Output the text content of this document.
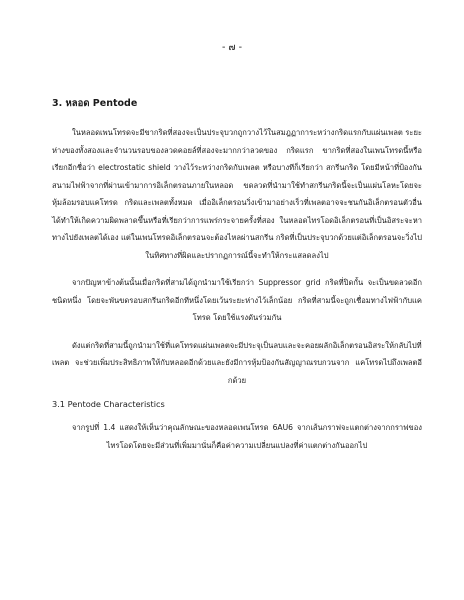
- ๗ -
3. หลอด Pentode

ในหลอดเพนโทรดจะมีขากริดที่สองจะเป็นประจุบวกถูกวางไว้ในสมฎฏาการะหว่างกริดแรกกับแผ่นเพลต ระยะห่างของทั้งสองและจำนวนรอบของลวดคอยล์ที่สองจะมากกว่าลวดของ กริดแรก ขากริดที่สองในเพนโทรดนี้หรือเรียกอีกชื่อว่า electrostatic shield วางไว้ระหว่างกริดกับเพลต หรือบางทีก็เรียกว่า สกรีนกริด โดยมีหน้าที่ป้องกันสนามไฟฟ้าจากที่ผ่านเข้ามาการอิเล็กตรอนภายในหลอด ขดลวดที่นำมาใช้ทำสกรีนกริดนี้จะเป็นแผ่นโลหะโดยจะหุ้มล้อมรอบแคโทรด กริดและเพลตทั้งหมด เมื่ออิเล็กตรอนวิ่งเข้ามาอย่างเร็วที่เพลตอาจจะชนกันอิเล็กตรอนตัวอื่นได้ทำให้เกิดความผิดพลาดขึ้นหรือที่เรียกว่าการแพร่กระจายครั้งที่สอง ในหลอดไทรโอดอิเล็กตรอนที่เป็นอิสระจะหาทางไปยังเพลตได้เอง แต่ในเพนโทรดอิเล็กตรอนจะต้องไหลผ่านสกรีน กริดที่เป็นประจุบวกด้วยแต่อิเล็กตรอนจะวิ่งไปในทิศทางที่ผิดและปรากฏการณ์นี้จะทำให้กระแสลดลงไป

จากปัญหาข้างต้นนั้นเมื่อกริดที่สามได้ถูกนำมาใช้เรียกว่า Suppressor grid กริดที่ปิดกั้น จะเป็นขดลวดอีกชนิดหนึ่ง โดยจะพันขดรอบสกรีนกริดอีกทีหนึ่งโดยเว้นระยะห่างไว้เล็กน้อย กริดที่สามนี้จะถูกเชื่อมทางไฟฟ้ากับแคโทรด โดยใช้แรงดันร่วมกัน

ดังแต่กริดที่สามนี้ถูกนำมาใช้ที่แคโทรดแผ่นเพลตจะมีประจุเป็นลบและจะคอยผลักอิเล็กตรอนอิสระให้กลับไปที่เพลต จะช่วยเพิ่มประสิทธิภาพให้กับหลอดอีกด้วยและยังมีการหุ้มป้องกันสัญญาณรบกวนจาก แคโทรดไปถึงเพลตอีกด้วย

3.1 Pentode Characteristics

จากรูปที่ 1.4 แสดงให้เห็นว่าคุณลักษณะของหลอดเพนโทรด 6AU6 จากเส้นกราฟจะแตกต่างจากกราฟของไทรโอดโดยจะมีส่วนที่เพิ่มมานั่นก็คือค่าความเปลี่ยนแปลงที่ค่าแตกต่างกันออกไป
